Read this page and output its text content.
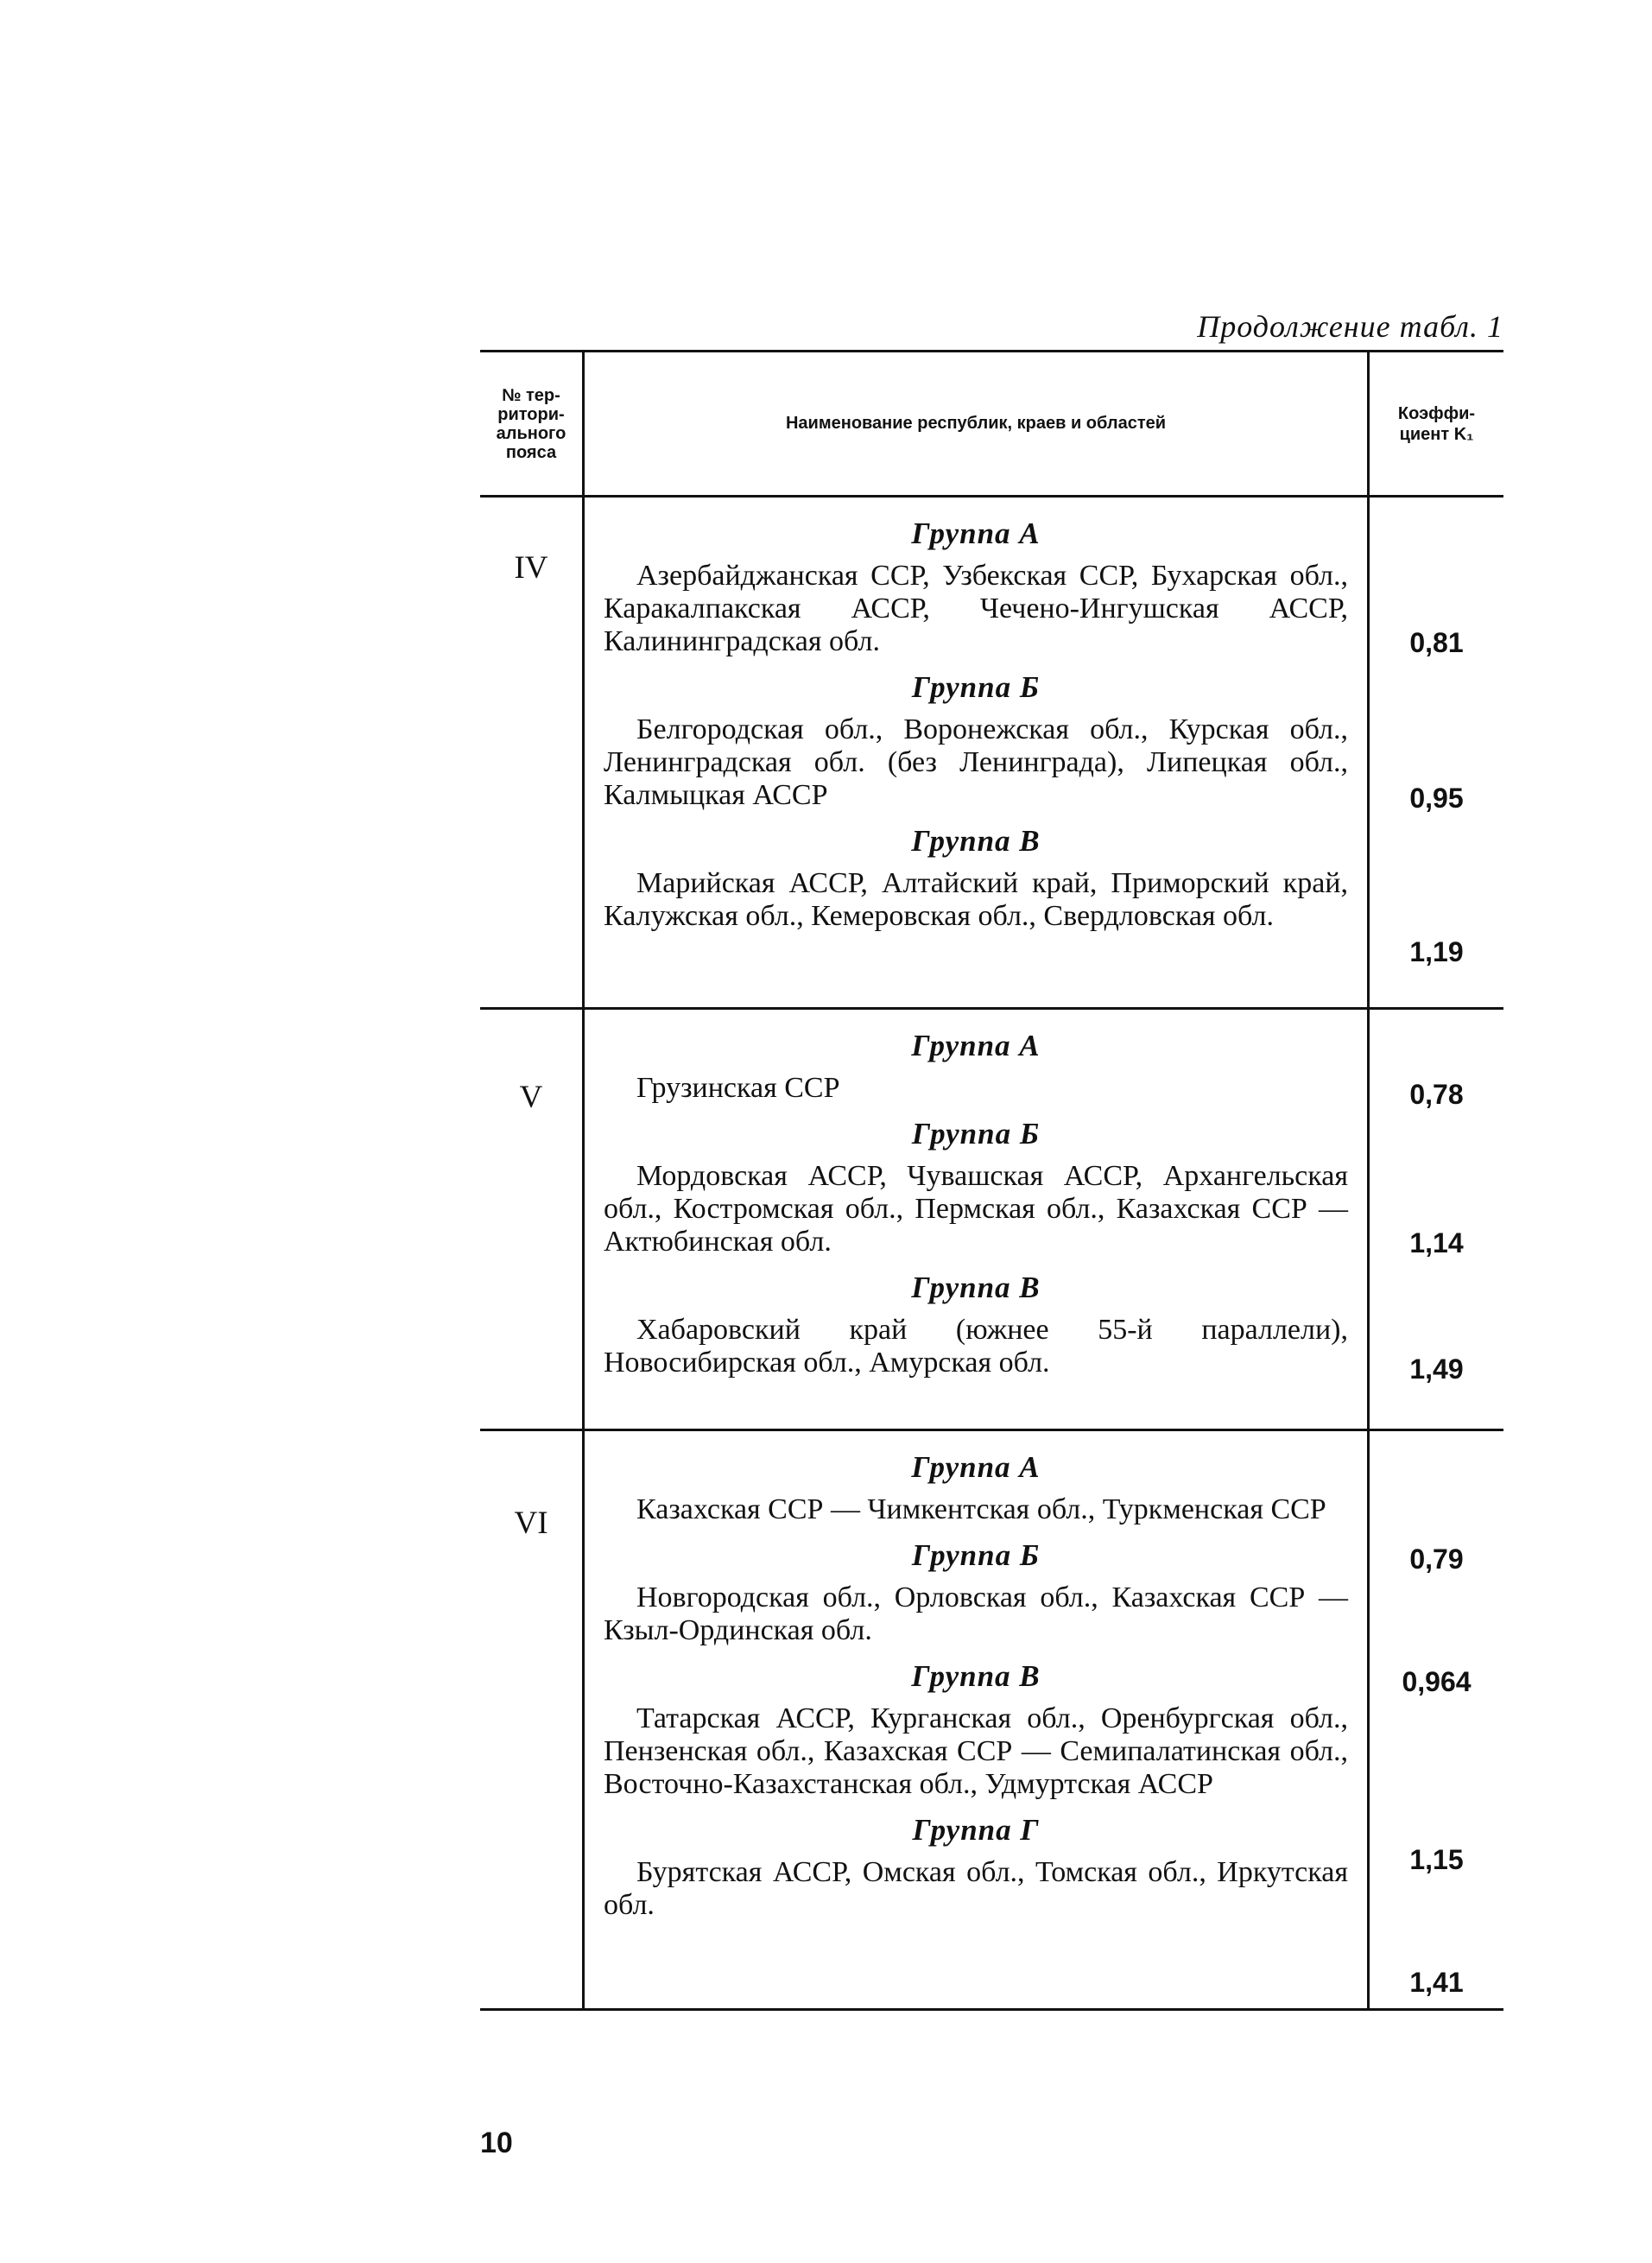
Продолжение табл. 1
№ тер-
ритори-
ального
пояса
Наименование республик, краев и областей
Коэффи-
циент K₁
IV
Группа А
Азербайджанская ССР, Узбекская ССР, Бухарская обл., Каракалпакская АССР, Чечено-Ингушская АССР, Калининградская обл.
Группа Б
Белгородская обл., Воронежская обл., Курская обл., Ленинградская обл. (без Ленинграда), Липецкая обл., Калмыцкая АССР
Группа В
Марийская АССР, Алтайский край, Приморский край, Калужская обл., Кемеровская обл., Свердловская обл.
0,81
0,95
1,19
V
Группа А
Грузинская ССР
Группа Б
Мордовская АССР, Чувашская АССР, Архангельская обл., Костромская обл., Пермская обл., Казахская ССР — Актюбинская обл.
Группа В
Хабаровский край (южнее 55-й параллели), Новосибирская обл., Амурская обл.
0,78
1,14
1,49
VI
Группа А
Казахская ССР — Чимкентская обл., Туркменская ССР
Группа Б
Новгородская обл., Орловская обл., Казахская ССР — Кзыл-Ординская обл.
Группа В
Татарская АССР, Курганская обл., Оренбургская обл., Пензенская обл., Казахская ССР — Семипалатинская обл., Восточно-Казахстанская обл., Удмуртская АССР
Группа Г
Бурятская АССР, Омская обл., Томская обл., Иркутская обл.
0,79
0,964
1,15
1,41
10
